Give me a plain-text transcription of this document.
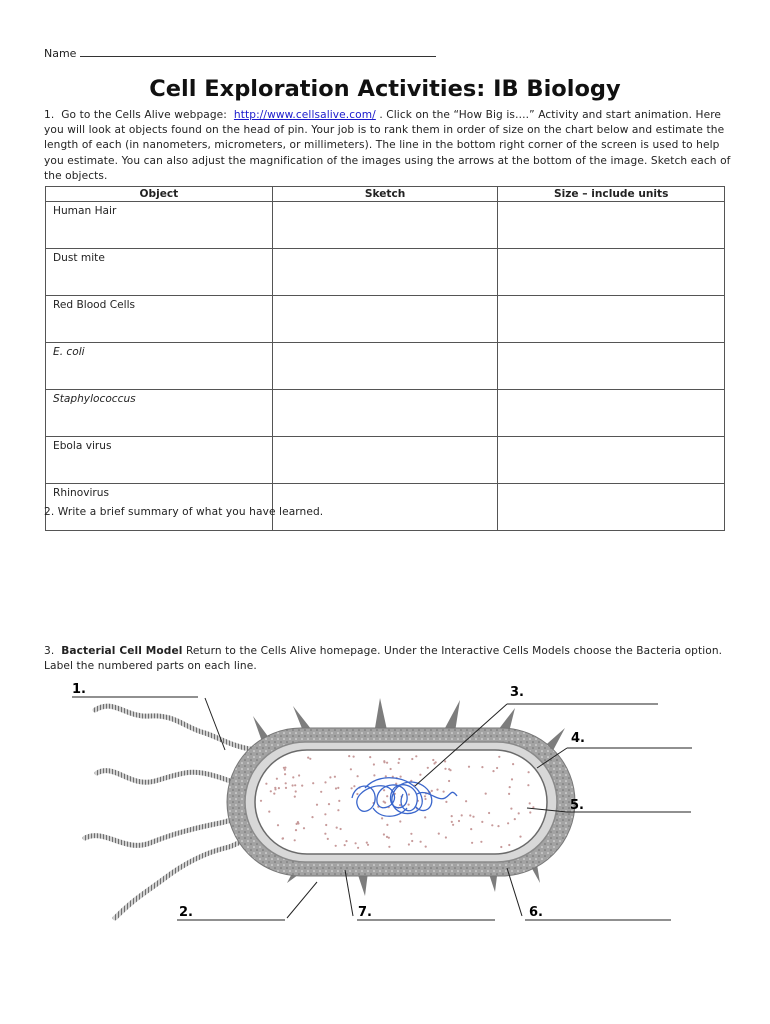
Name
Cell Exploration Activities: IB Biology
1. Go to the Cells Alive webpage: http://www.cellsalive.com/ . Click on the “How Big is….” Activity and start animation. Here you will look at objects found on the head of pin. Your job is to rank them in order of size on the chart below and estimate the length of each (in nanometers, micrometers, or millimeters). The line in the bottom right corner of the screen is used to help you estimate. You can also adjust the magnification of the images using the arrows at the bottom of the image. Sketch each of the objects.
Object	Sketch	Size – include units
Human Hair		
Dust mite		
Red Blood Cells		
E. coli		
Staphylococcus		
Ebola virus		
Rhinovirus		
2. Write a brief summary of what you have learned.
3. Bacterial Cell Model Return to the Cells Alive homepage. Under the Interactive Cells Models choose the Bacteria option. Label the numbered parts on each line.
1.
2.
3.
4.
5.
6.
7.
